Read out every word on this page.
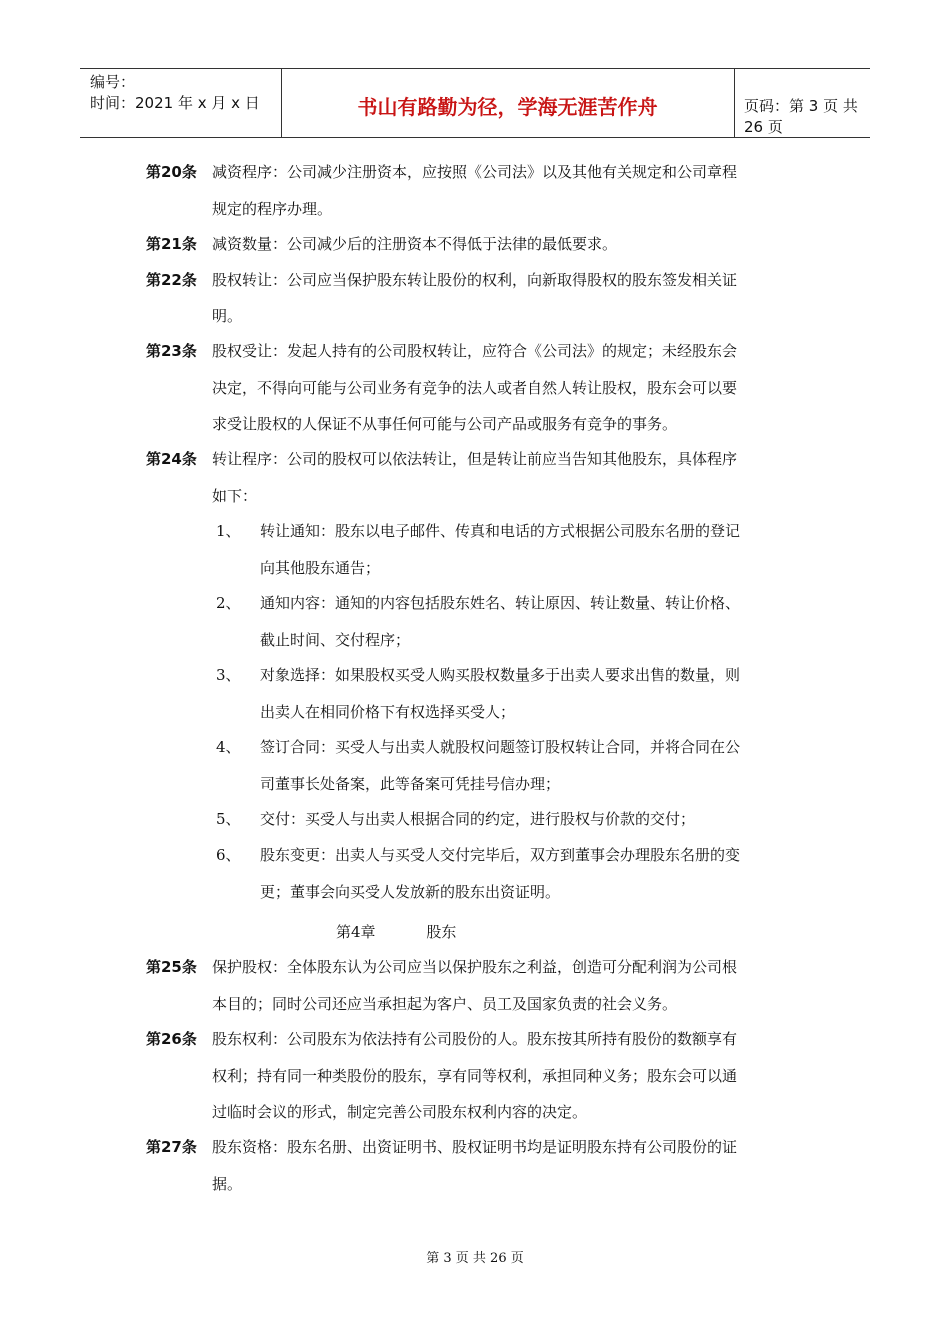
编号：
时间：2021 年 x 月 x 日	书山有路勤为径，学海无涯苦作舟	页码：第 3 页 共 26 页
第20条 减资程序：公司减少注册资本，应按照《公司法》以及其他有关规定和公司章程
规定的程序办理。
第21条 减资数量：公司减少后的注册资本不得低于法律的最低要求。
第22条 股权转让：公司应当保护股东转让股份的权利，向新取得股权的股东签发相关证
明。
第23条 股权受让：发起人持有的公司股权转让，应符合《公司法》的规定；未经股东会
决定，不得向可能与公司业务有竞争的法人或者自然人转让股权，股东会可以要
求受让股权的人保证不从事任何可能与公司产品或服务有竞争的事务。
第24条 转让程序：公司的股权可以依法转让，但是转让前应当告知其他股东，具体程序
如下：
1、 转让通知：股东以电子邮件、传真和电话的方式根据公司股东名册的登记
向其他股东通告；
2、 通知内容：通知的内容包括股东姓名、转让原因、转让数量、转让价格、
截止时间、交付程序；
3、 对象选择：如果股权买受人购买股权数量多于出卖人要求出售的数量，则
出卖人在相同价格下有权选择买受人；
4、 签订合同：买受人与出卖人就股权问题签订股权转让合同，并将合同在公
司董事长处备案，此等备案可凭挂号信办理；
5、 交付：买受人与出卖人根据合同的约定，进行股权与价款的交付；
6、 股东变更：出卖人与买受人交付完毕后，双方到董事会办理股东名册的变
更；董事会向买受人发放新的股东出资证明。
第4章	股东
第25条 保护股权：全体股东认为公司应当以保护股东之利益，创造可分配利润为公司根
本目的；同时公司还应当承担起为客户、员工及国家负责的社会义务。
第26条 股东权利：公司股东为依法持有公司股份的人。股东按其所持有股份的数额享有
权利；持有同一种类股份的股东，享有同等权利，承担同种义务；股东会可以通
过临时会议的形式，制定完善公司股东权利内容的决定。
第27条 股东资格：股东名册、出资证明书、股权证明书均是证明股东持有公司股份的证
据。
第 3 页 共 26 页
